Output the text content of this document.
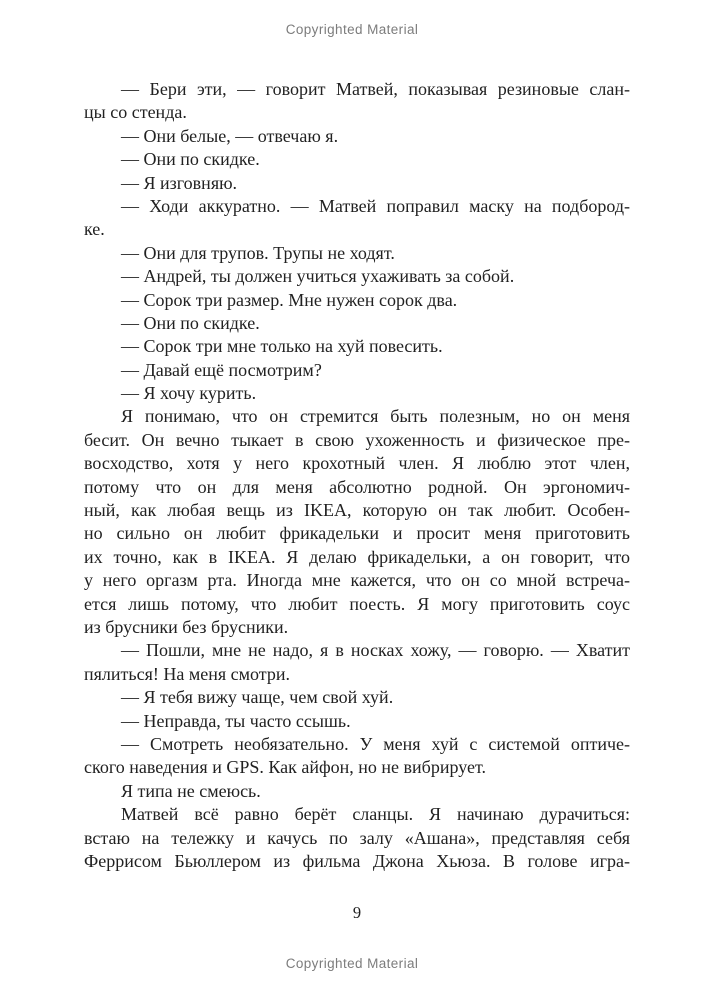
Copyrighted Material
— Бери эти, — говорит Матвей, показывая резиновые слан-
цы со стенда.
— Они белые, — отвечаю я.
— Они по скидке.
— Я изговняю.
— Ходи аккуратно. — Матвей поправил маску на подбород-
ке.
— Они для трупов. Трупы не ходят.
— Андрей, ты должен учиться ухаживать за собой.
— Сорок три размер. Мне нужен сорок два.
— Они по скидке.
— Сорок три мне только на хуй повесить.
— Давай ещё посмотрим?
— Я хочу курить.
Я понимаю, что он стремится быть полезным, но он меня
бесит. Он вечно тыкает в свою ухоженность и физическое пре-
восходство, хотя у него крохотный член. Я люблю этот член,
потому что он для меня абсолютно родной. Он эргономич-
ный, как любая вещь из IKEA, которую он так любит. Особен-
но сильно он любит фрикадельки и просит меня приготовить
их точно, как в IKEA. Я делаю фрикадельки, а он говорит, что
у него оргазм рта. Иногда мне кажется, что он со мной встреча-
ется лишь потому, что любит поесть. Я могу приготовить соус
из брусники без брусники.
— Пошли, мне не надо, я в носках хожу, — говорю. — Хватит
пялиться! На меня смотри.
— Я тебя вижу чаще, чем свой хуй.
— Неправда, ты часто ссышь.
— Смотреть необязательно. У меня хуй с системой оптиче-
ского наведения и GPS. Как айфон, но не вибрирует.
Я типа не смеюсь.
Матвей всё равно берёт сланцы. Я начинаю дурачиться:
встаю на тележку и качусь по залу «Ашана», представляя себя
Феррисом Бьюллером из фильма Джона Хьюза. В голове игра-
9
Copyrighted Material
